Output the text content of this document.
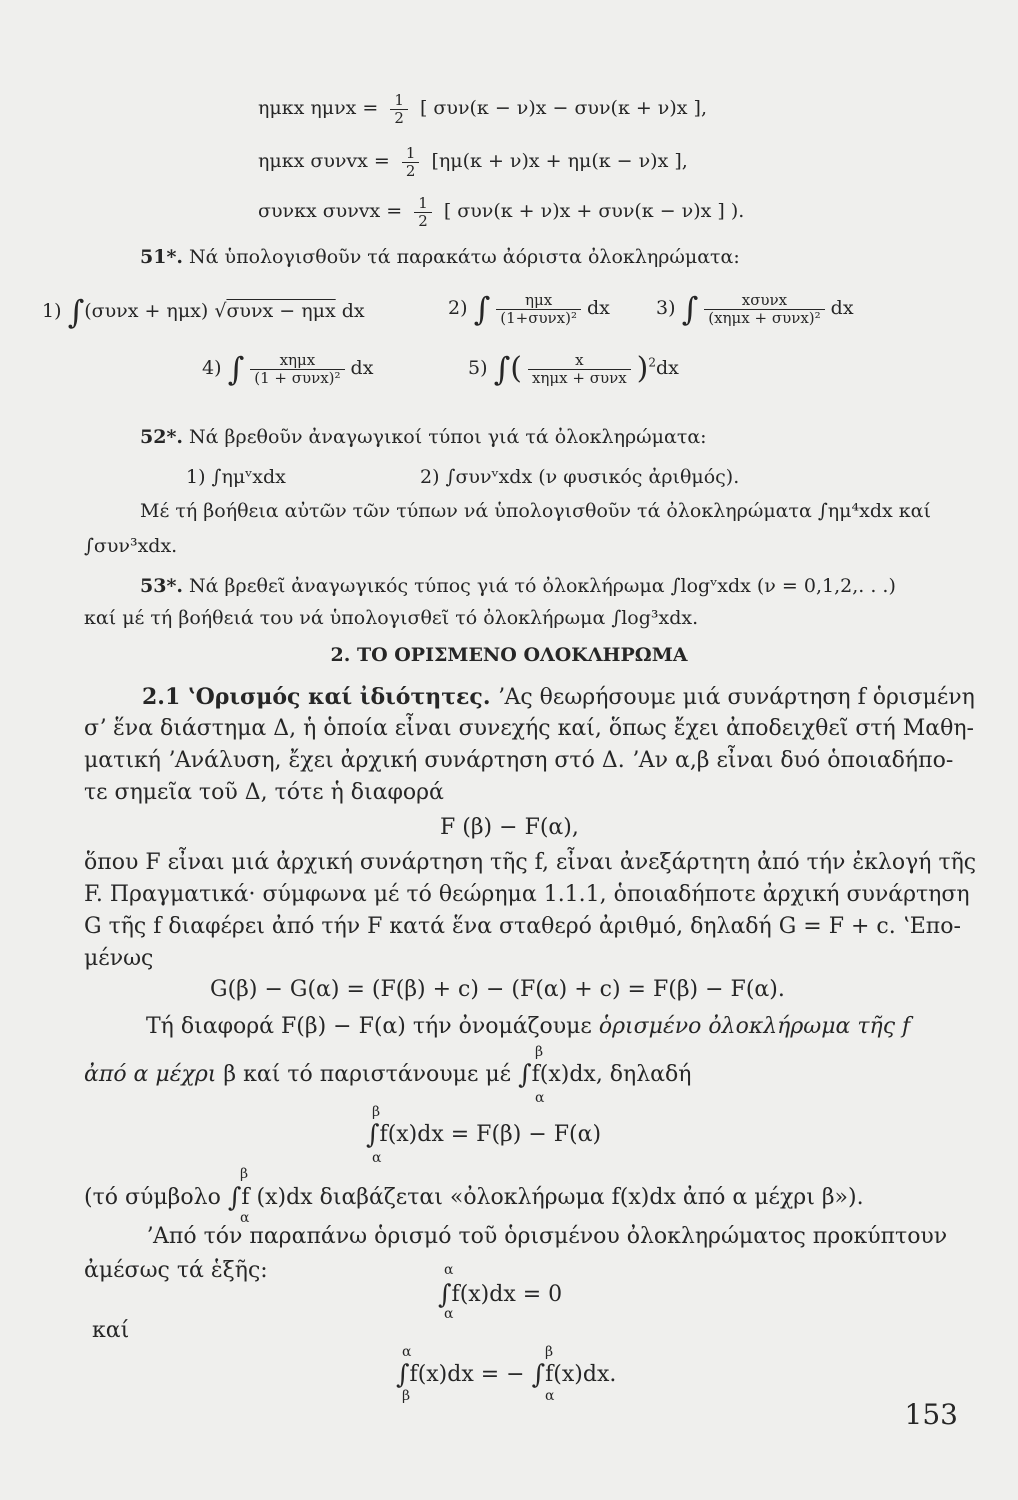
ημκx $\eta\mu\nu x = \frac{1}{2}$ [ συν(κ − ν)x − συν(κ + ν)x ],
ημκx $\sigma\upsilon\nu vx = \frac{1}{2} [\eta\mu(\kappa + \nu)x + \eta\mu(\kappa - \nu)x$ ],
συνκx $\sigma\upsilon\nu vx = \frac{1}{2}$ [ συν(κ + ν)x + συν(κ − ν)x ] ).
51*. Νά ὑπολογισθοῦν τά παρακάτω ἀόριστα ὀλοκληρώματα:
1) ∫(συνx + ημx) √συνx − ημx dx	2) ∫ $\frac{\text{ημx}}{\text{(1+συνx)²}}$ dx 3) ∫ $\frac{\text{xσυνx}}{\text{(xημx + συνx)²}}$ dx
4) ∫ $\frac{\text{xημx}}{\text{(1 + συνx)²}}$ dx	5) ∫( $\frac{x}{\text{xημx + συνx}} )^2dx$
52*. Νά βρεθοῦν ἀναγωγικοί τύποι γιά τά ὀλοκληρώματα:
1) ∫ημᵛxdx	2) ∫συνᵛxdx (ν φυσικός ἀριθμός).
Μέ τή βοήθεια αὐτῶν τῶν τύπων νά ὑπολογισθοῦν τά ὀλοκληρώματα ∫ημ⁴xdx καί
∫συν³xdx.
53*. Νά βρεθεῖ ἀναγωγικός τύπος γιά τό ὀλοκλήρωμα ∫logᵛxdx (ν = 0,1,2,. . .)
καί μέ τή βοήθειά του νά ὑπολογισθεῖ τό ὀλοκλήρωμα ∫log³xdx.
2. ΤΟ ΟΡΙΣΜΕΝΟ ΟΛΟΚΛΗΡΩΜΑ
2.1 ʽΟρισμός καί ἰδιότητες. ʼΑς θεωρήσουμε μιά συνάρτηση f ὁρισμένη
σʼ ἕνα διάστημα Δ, ἡ ὁποία εἶναι συνεχής καί, ὅπως ἔχει ἀποδειχθεῖ στή Μαθη-
ματική ʼΑνάλυση, ἔχει ἀρχική συνάρτηση στό Δ. ʼΑν α,β εἶναι δυό ὁποιαδήπο-
τε σημεῖα τοῦ Δ, τότε ἡ διαφορά
F (β) − F(α),
ὅπου F εἶναι μιά ἀρχική συνάρτηση τῆς f, εἶναι ἀνεξάρτητη ἀπό τήν ἐκλογή τῆς
F. Πραγματικά· σύμφωνα μέ τό θεώρημα 1.1.1, ὁποιαδήποτε ἀρχική συνάρτηση
G τῆς f διαφέρει ἀπό τήν F κατά ἕνα σταθερό ἀριθμό, δηλαδή G = F + c. ʽΕπο-
μένως
G(β) − G(α) = (F(β) + c) − (F(α) + c) = F(β) − F(α).
Τή διαφορά F(β) − F(α) τήν ὀνομάζουμε ὁρισμένο ὀλοκλήρωμα τῆς f
ἀπό α μέχρι β καί τό παριστάνουμε μέ ∫f(x)dx, δηλαδή
β
α
∫f(x)dx = F(β) − F(α)
β
α
(τό σύμβολο ∫f (x)dx διαβάζεται «ὀλοκλήρωμα f(x)dx ἀπό α μέχρι β»).
β
α
ʼΑπό τόν παραπάνω ὁρισμό τοῦ ὁρισμένου ὀλοκληρώματος προκύπτουν
ἀμέσως τά ἑξῆς:
∫f(x)dx = 0
α
α
καί
∫f(x)dx = − ∫f(x)dx.
α
β
β
α
153
